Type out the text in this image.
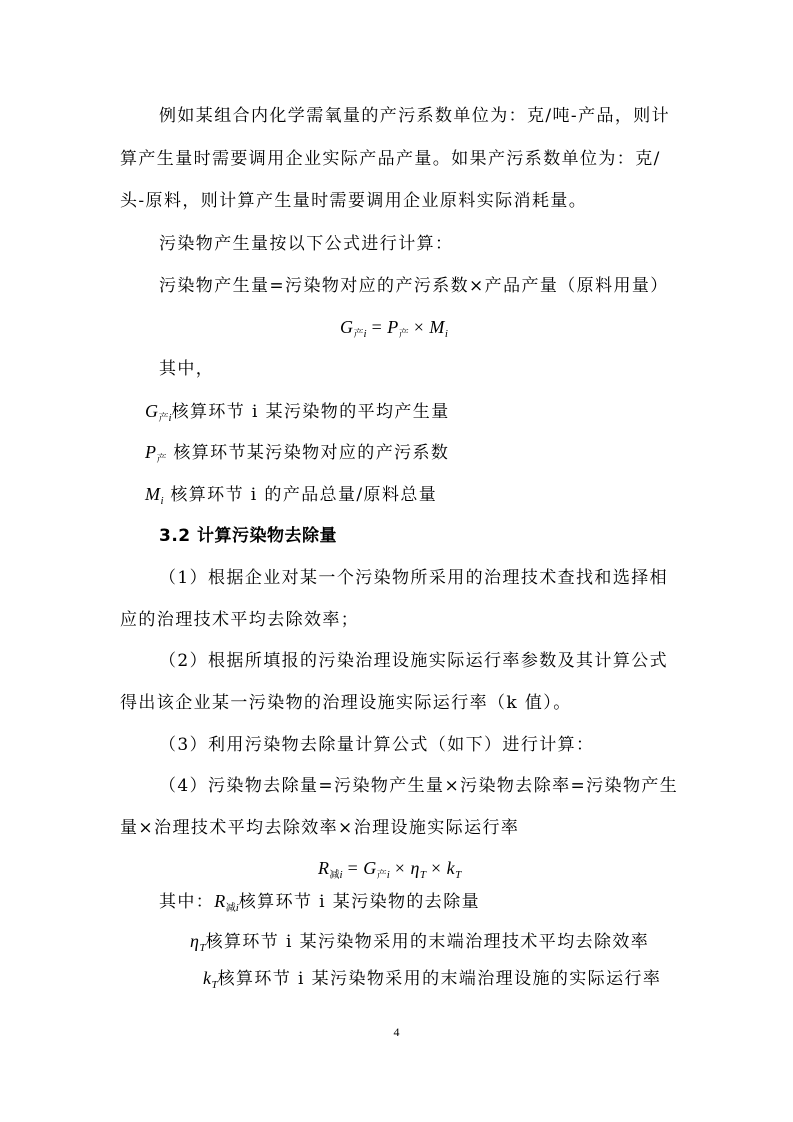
例如某组合内化学需氧量的产污系数单位为：克/吨-产品，则计
算产生量时需要调用企业实际产品产量。如果产污系数单位为：克/
头-原料，则计算产生量时需要调用企业原料实际消耗量。
污染物产生量按以下公式进行计算：
污染物产生量=污染物对应的产污系数×产品产量（原料用量）
$G_{产i} = P_产 \times M_i$
其中，
$G_{产i}$核算环节 i 某污染物的平均产生量
$P_产$ 核算环节某污染物对应的产污系数
$M_i$ 核算环节 i 的产品总量/原料总量
3.2 计算污染物去除量
（1）根据企业对某一个污染物所采用的治理技术查找和选择相
应的治理技术平均去除效率；
（2）根据所填报的污染治理设施实际运行率参数及其计算公式
得出该企业某一污染物的治理设施实际运行率（k 值）。
（3）利用污染物去除量计算公式（如下）进行计算：
（4）污染物去除量=污染物产生量×污染物去除率=污染物产生
量×治理技术平均去除效率×治理设施实际运行率
$R_{减i} = G_{产i} \times \eta_T \times k_T$
其中：$R_{减i}$核算环节 i 某污染物的去除量
$\eta_T$核算环节 i 某污染物采用的末端治理技术平均去除效率
$k_T$核算环节 i 某污染物采用的末端治理设施的实际运行率
4
